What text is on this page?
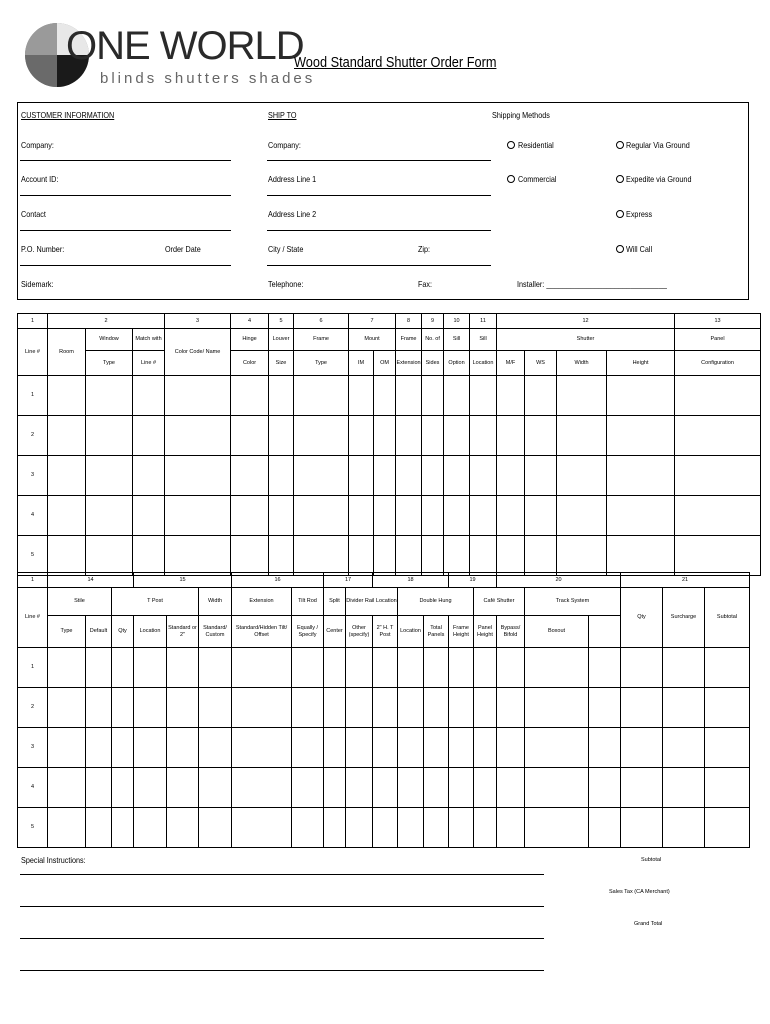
ONE WORLD
blinds shutters shades
Wood Standard Shutter Order Form
CUSTOMER INFORMATION	SHIP TO	Shipping Methods
Company:
Account ID:
Contact
P.O. Number:	Order Date
Sidemark:
Company:
Address Line 1
Address Line 2
City / State	Zip:
Telephone:	Fax:
Residential
Commercial
Regular Via Ground
Expedite via Ground
Express
Will Call
Installer: ______________________________
1	2			3	4	5	6	7		8	9	10	11	12				13
Line #	Room	Window	Match with	Color Code/ Name	Hinge	Louver	Frame	Mount		Frame	No. of	Sill	Sill	Shutter				Panel
		Type	Line #		Color	Size	Type	IM	OM	Extension	Sides	Option	Location	M/F	WS	Width	Height	Configuration
1																		
2																		
3																		
4																		
5																		
1	14			15			16		17		18			19		20			21			
Line #	Stile		T Post			Width	Extension	Tilt Rod	Split	Divider Rail Location		Double Hung			Café Shutter		Track System		Qty	Surcharge	Subtotal	
	Type	Default	Qty	Location	Standard or 2"	Standard/ Custom	Standard/Hidden Tilt/ Offset	Equally / Specify	Center	Other (specify)	2" H. T Post	Location	Total Panels	Frame Height	Panel Height	Bypass/ Bifold	Boxout					
1																						
2																						
3																						
4																						
5																						
Special Instructions:	Subtotal
Sales Tax (CA Merchant)
Grand Total
